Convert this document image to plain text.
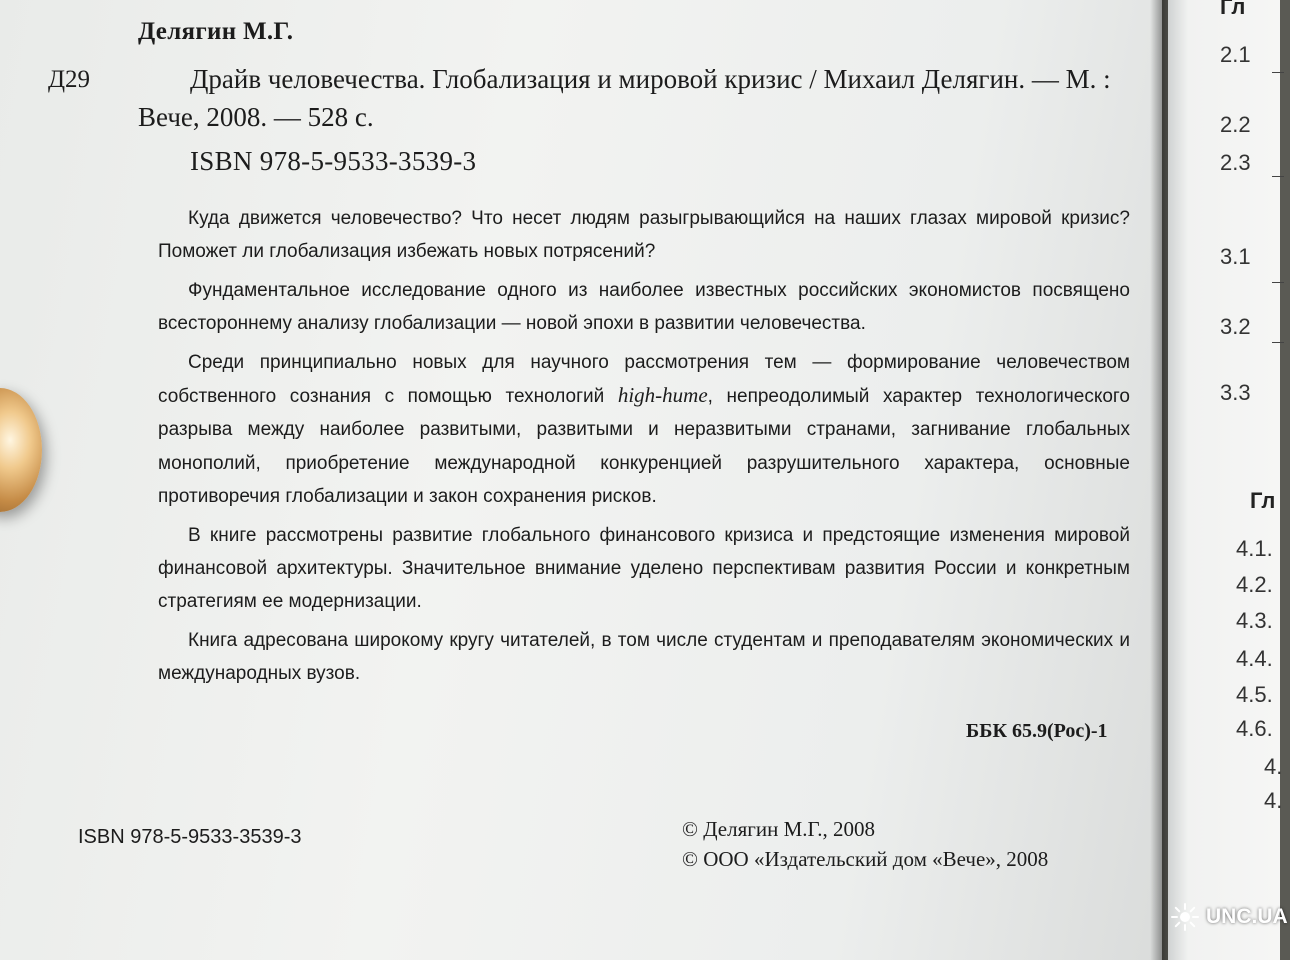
Делягин М.Г.
Д29	Драйв человечества. Глобализация и мировой кризис / Михаил Делягин. — М. : Вече, 2008. — 528 с.
ISBN 978-5-9533-3539-3

Куда движется человечество? Что несет людям разыгрывающийся на наших глазах мировой кризис? Поможет ли глобализация избежать новых потрясений?

Фундаментальное исследование одного из наиболее известных российских экономистов посвящено всестороннему анализу глобализации — новой эпохи в развитии человечества.

Среди принципиально новых для научного рассмотрения тем — формирование человечеством собственного сознания с помощью технологий high-hume, непреодолимый характер технологического разрыва между наиболее развитыми, развитыми и неразвитыми странами, загнивание глобальных монополий, приобретение международной конкуренцией разрушительного характера, основные противоречия глобализации и закон сохранения рисков.

В книге рассмотрены развитие глобального финансового кризиса и предстоящие изменения мировой финансовой архитектуры. Значительное внимание уделено перспективам развития России и конкретным стратегиям ее модернизации.

Книга адресована широкому кругу читателей, в том числе студентам и преподавателям экономических и международных вузов.

ББК 65.9(Рос)-1
ISBN 978-5-9533-3539-3	© Делягин М.Г., 2008
© ООО «Издательский дом «Вече», 2008
Гл
2.1
2.2
2.3
3.1
3.2
3.3
Гл
4.1.
4.2.
4.3.
4.4.
4.5.
4.6.
4.
4.
UNC.UA
